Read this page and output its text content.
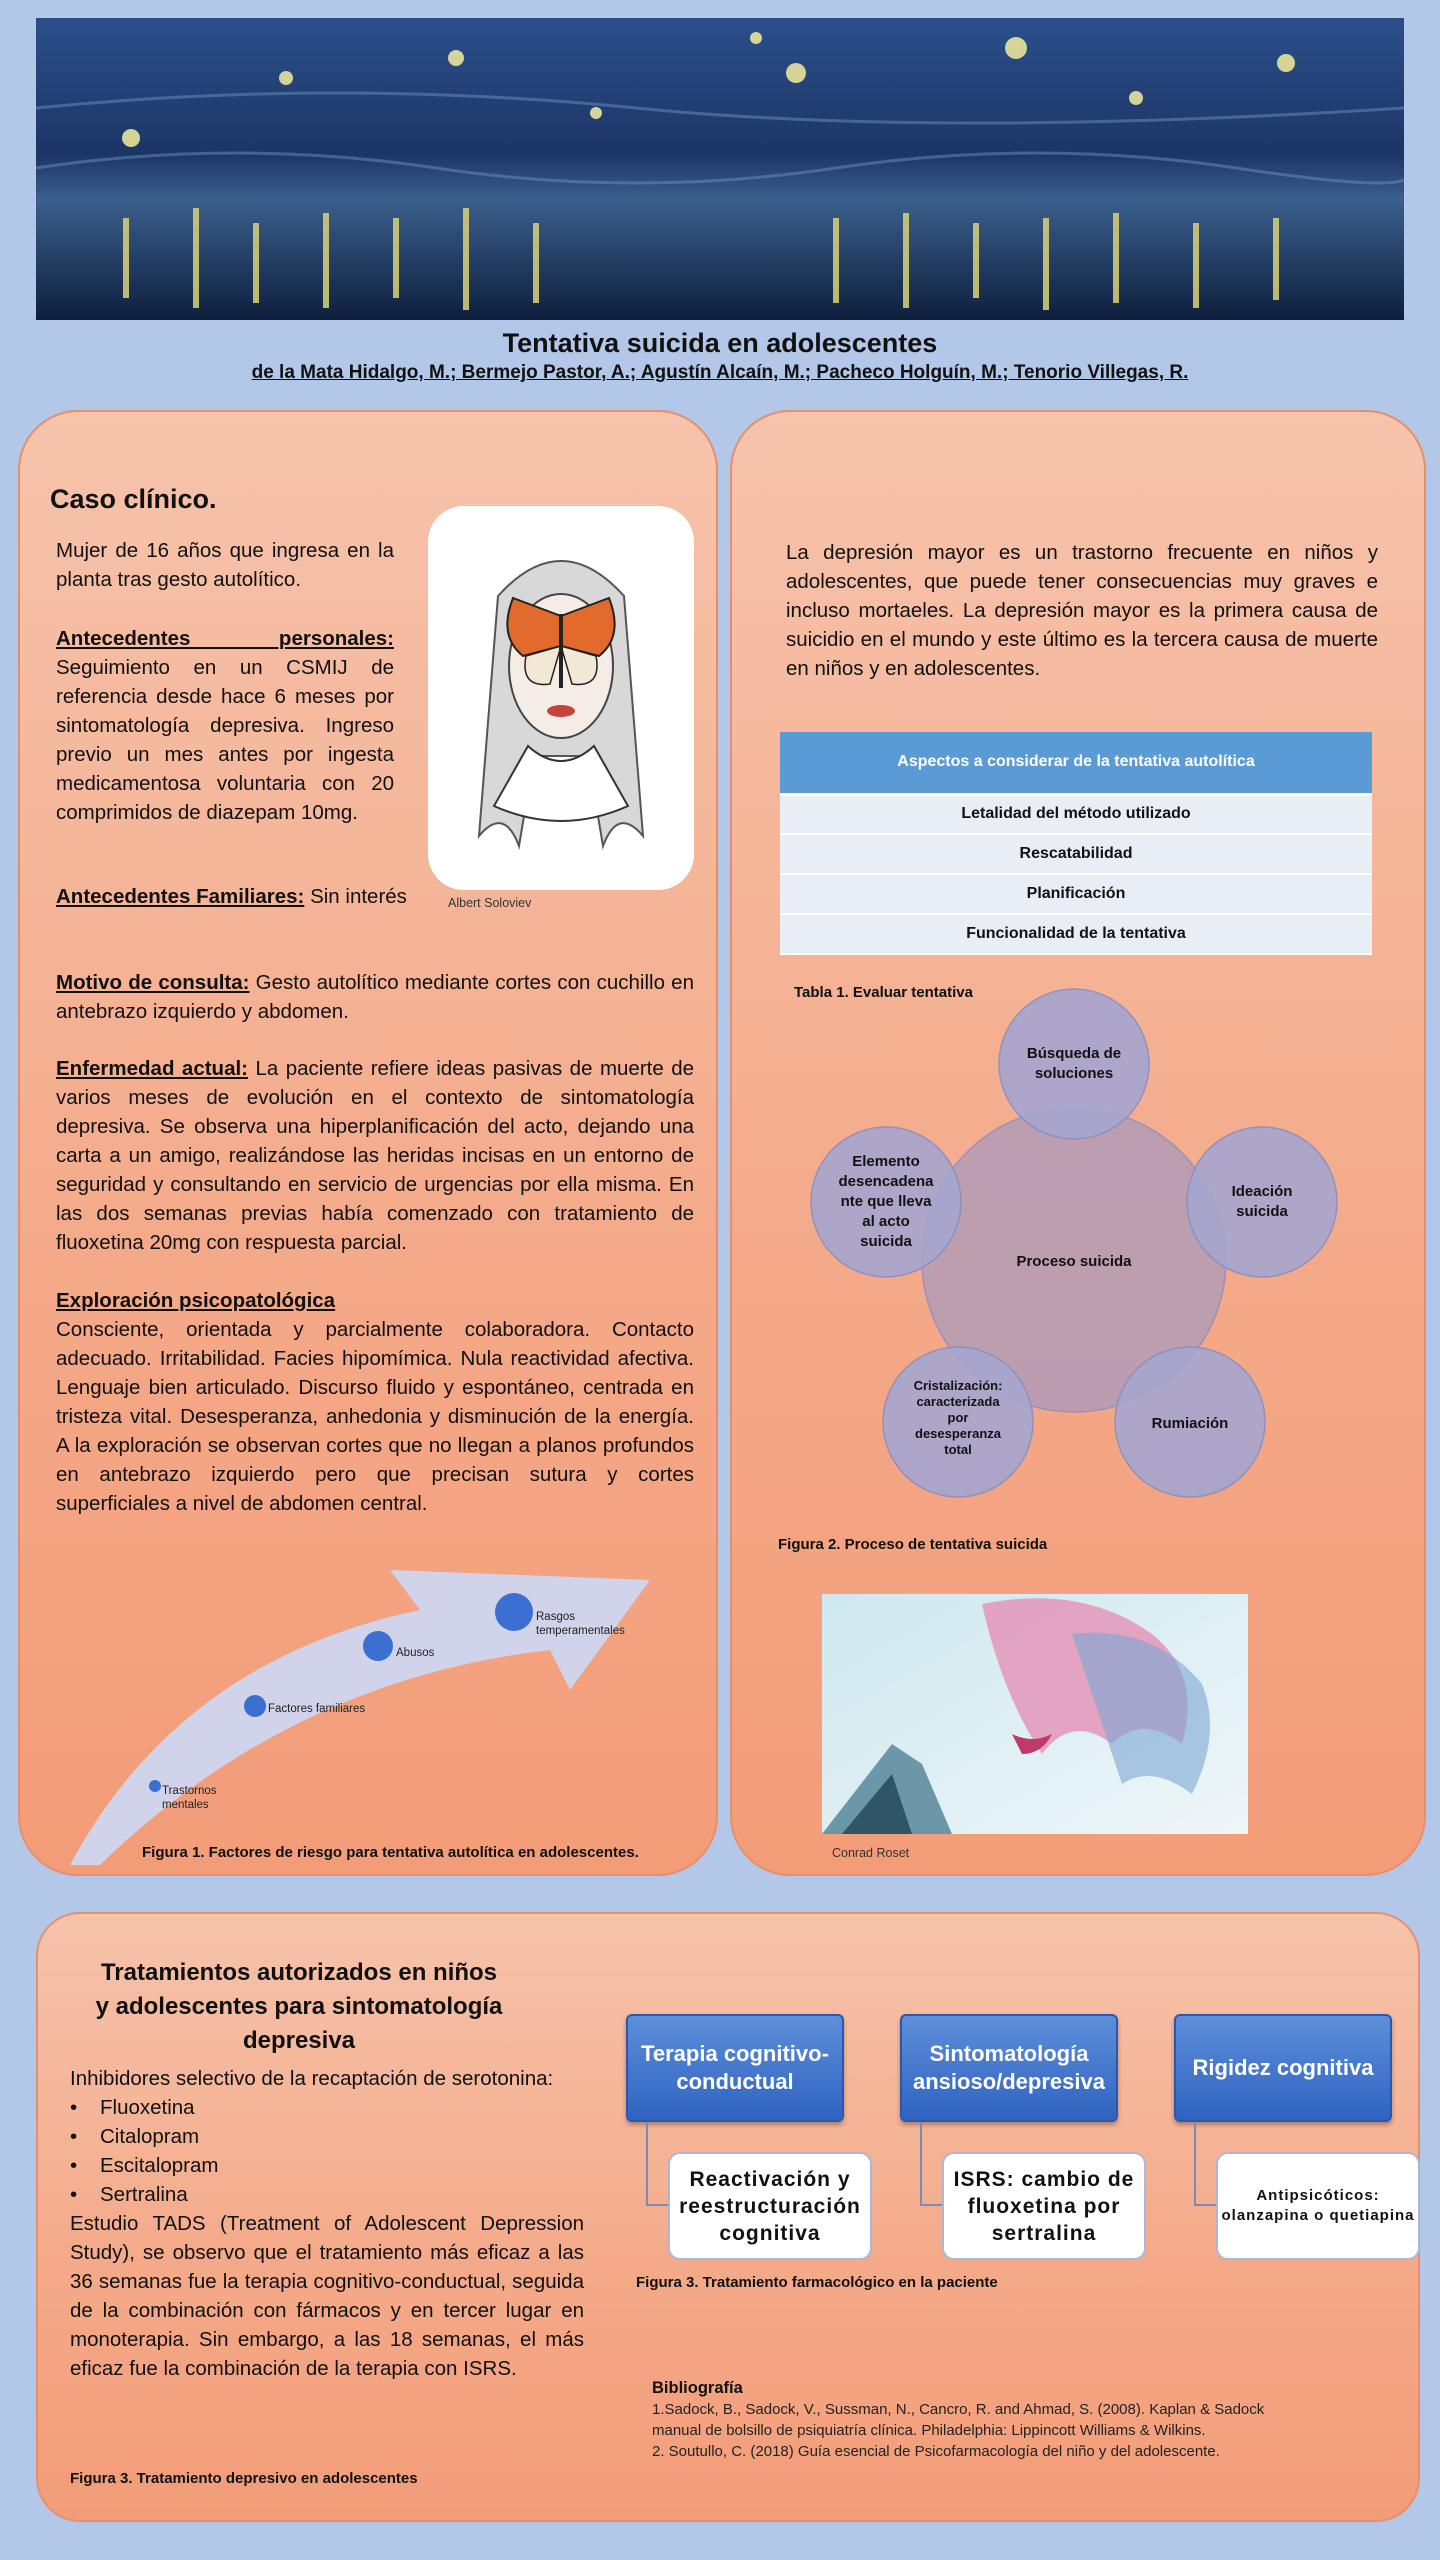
Tentativa suicida en adolescentes
de la Mata Hidalgo, M.; Bermejo Pastor, A.; Agustín Alcaín, M.; Pacheco Holguín, M.; Tenorio Villegas, R.
Caso clínico.
Mujer de 16 años que ingresa en la planta tras gesto autolítico.
Antecedentes personales:
Seguimiento en un CSMIJ de referencia desde hace 6 meses por sintomatología depresiva. Ingreso previo un mes antes por ingesta medicamentosa voluntaria con 20 comprimidos de diazepam 10mg.
Antecedentes Familiares: Sin interés	Albert Soloviev
Motivo de consulta: Gesto autolítico mediante cortes con cuchillo en antebrazo izquierdo y abdomen.
Enfermedad actual: La paciente refiere ideas pasivas de muerte de varios meses de evolución en el contexto de sintomatología depresiva. Se observa una hiperplanificación del acto, dejando una carta a un amigo, realizándose las heridas incisas en un entorno de seguridad y consultando en servicio de urgencias por ella misma. En las dos semanas previas había comenzado con tratamiento de fluoxetina 20mg con respuesta parcial.
Exploración psicopatológica
Consciente, orientada y parcialmente colaboradora. Contacto adecuado. Irritabilidad. Facies hipomímica. Nula reactividad afectiva. Lenguaje bien articulado. Discurso fluido y espontáneo, centrada en tristeza vital. Desesperanza, anhedonia y disminución de la energía. A la exploración se observan cortes que no llegan a planos profundos en antebrazo izquierdo pero que precisan sutura y cortes superficiales a nivel de abdomen central.
Trastornos mentales
Factores familiares
Abusos
Rasgos temperamentales
Figura 1. Factores de riesgo para tentativa autolítica en adolescentes.
La depresión mayor es un trastorno frecuente en niños y adolescentes, que puede tener consecuencias muy graves e incluso mortaeles. La depresión mayor es la primera causa de suicidio en el mundo y este último es la tercera causa de muerte en niños y en adolescentes.
Aspectos a considerar de la tentativa autolítica
Letalidad del método utilizado
Rescatabilidad
Planificación
Funcionalidad de la tentativa
Tabla 1. Evaluar tentativa
Proceso suicida
Búsqueda de soluciones
Ideación suicida
Rumiación
Cristalización: caracterizada por desesperanza total
Elemento desencadena nte que lleva al acto suicida
Figura 2. Proceso de tentativa suicida
Conrad Roset
Tratamientos autorizados en niños
y adolescentes para sintomatología
depresiva
Inhibidores selectivo de la recaptación de serotonina:
• Fluoxetina
• Citalopram
• Escitalopram
• Sertralina
Estudio TADS (Treatment of Adolescent Depression Study), se observo que el tratamiento más eficaz a las 36 semanas fue la terapia cognitivo-conductual, seguida de la combinación con fármacos y en tercer lugar en monoterapia. Sin embargo, a las 18 semanas, el más eficaz fue la combinación de la terapia con ISRS.
Figura 3. Tratamiento depresivo en adolescentes
Terapia cognitivo-conductual
Sintomatología ansioso/depresiva
Rigidez cognitiva
Reactivación y reestructuración cognitiva
ISRS: cambio de fluoxetina por sertralina
Antipsicóticos: olanzapina o quetiapina
Figura 3. Tratamiento farmacológico en la paciente
Bibliografía
1.Sadock, B., Sadock, V., Sussman, N., Cancro, R. and Ahmad, S. (2008). Kaplan & Sadock manual de bolsillo de psiquiatría clínica. Philadelphia: Lippincott Williams & Wilkins.
2. Soutullo, C. (2018) Guía esencial de Psicofarmacología del niño y del adolescente.
